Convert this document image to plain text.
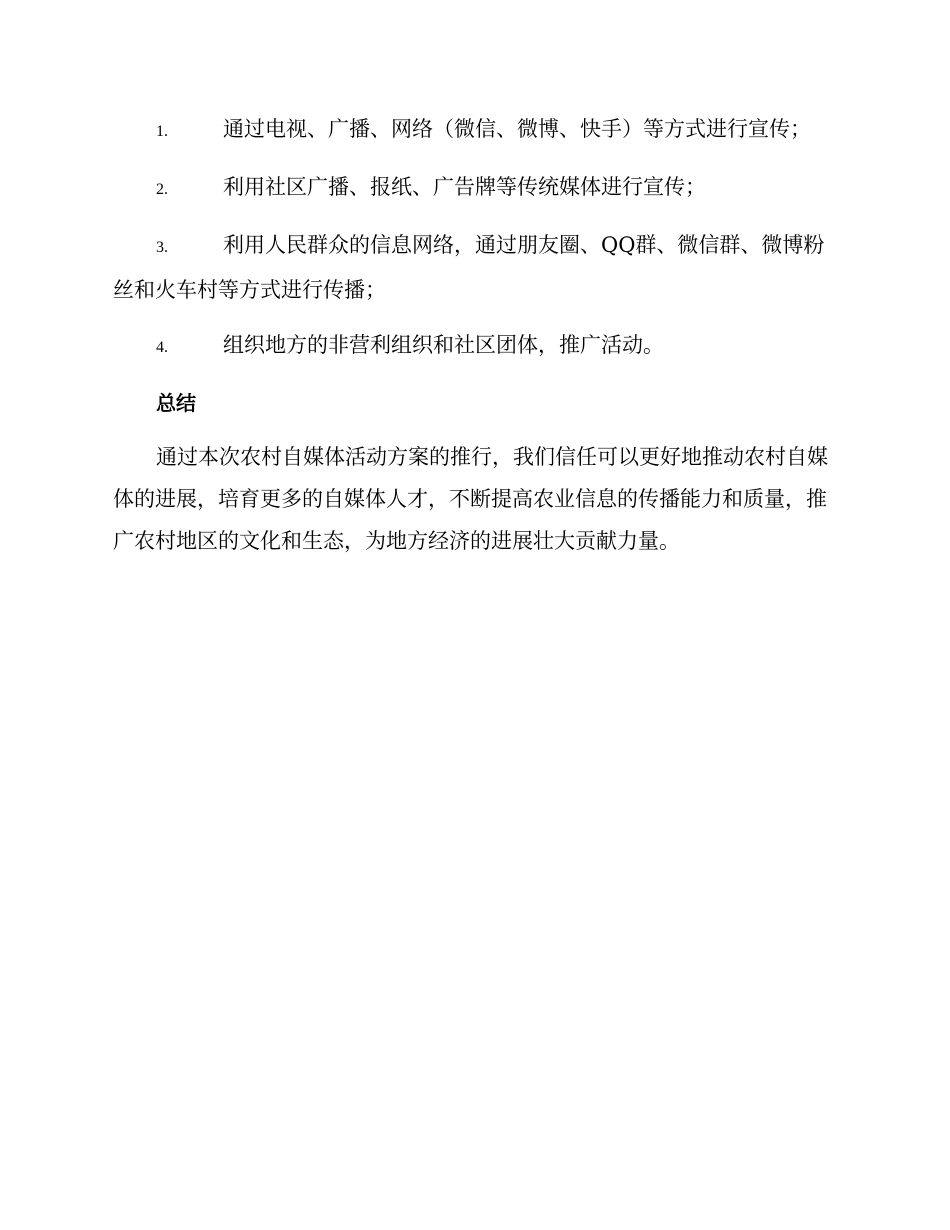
1.	通过电视、广播、网络（微信、微博、快手）等方式进行宣传；

2.	利用社区广播、报纸、广告牌等传统媒体进行宣传；

3.	利用人民群众的信息网络，通过朋友圈、QQ群、微信群、微博粉丝和火车村等方式进行传播；

4.	组织地方的非营利组织和社区团体，推广活动。

总结

通过本次农村自媒体活动方案的推行，我们信任可以更好地推动农村自媒体的进展，培育更多的自媒体人才，不断提高农业信息的传播能力和质量，推广农村地区的文化和生态，为地方经济的进展壮大贡献力量。
